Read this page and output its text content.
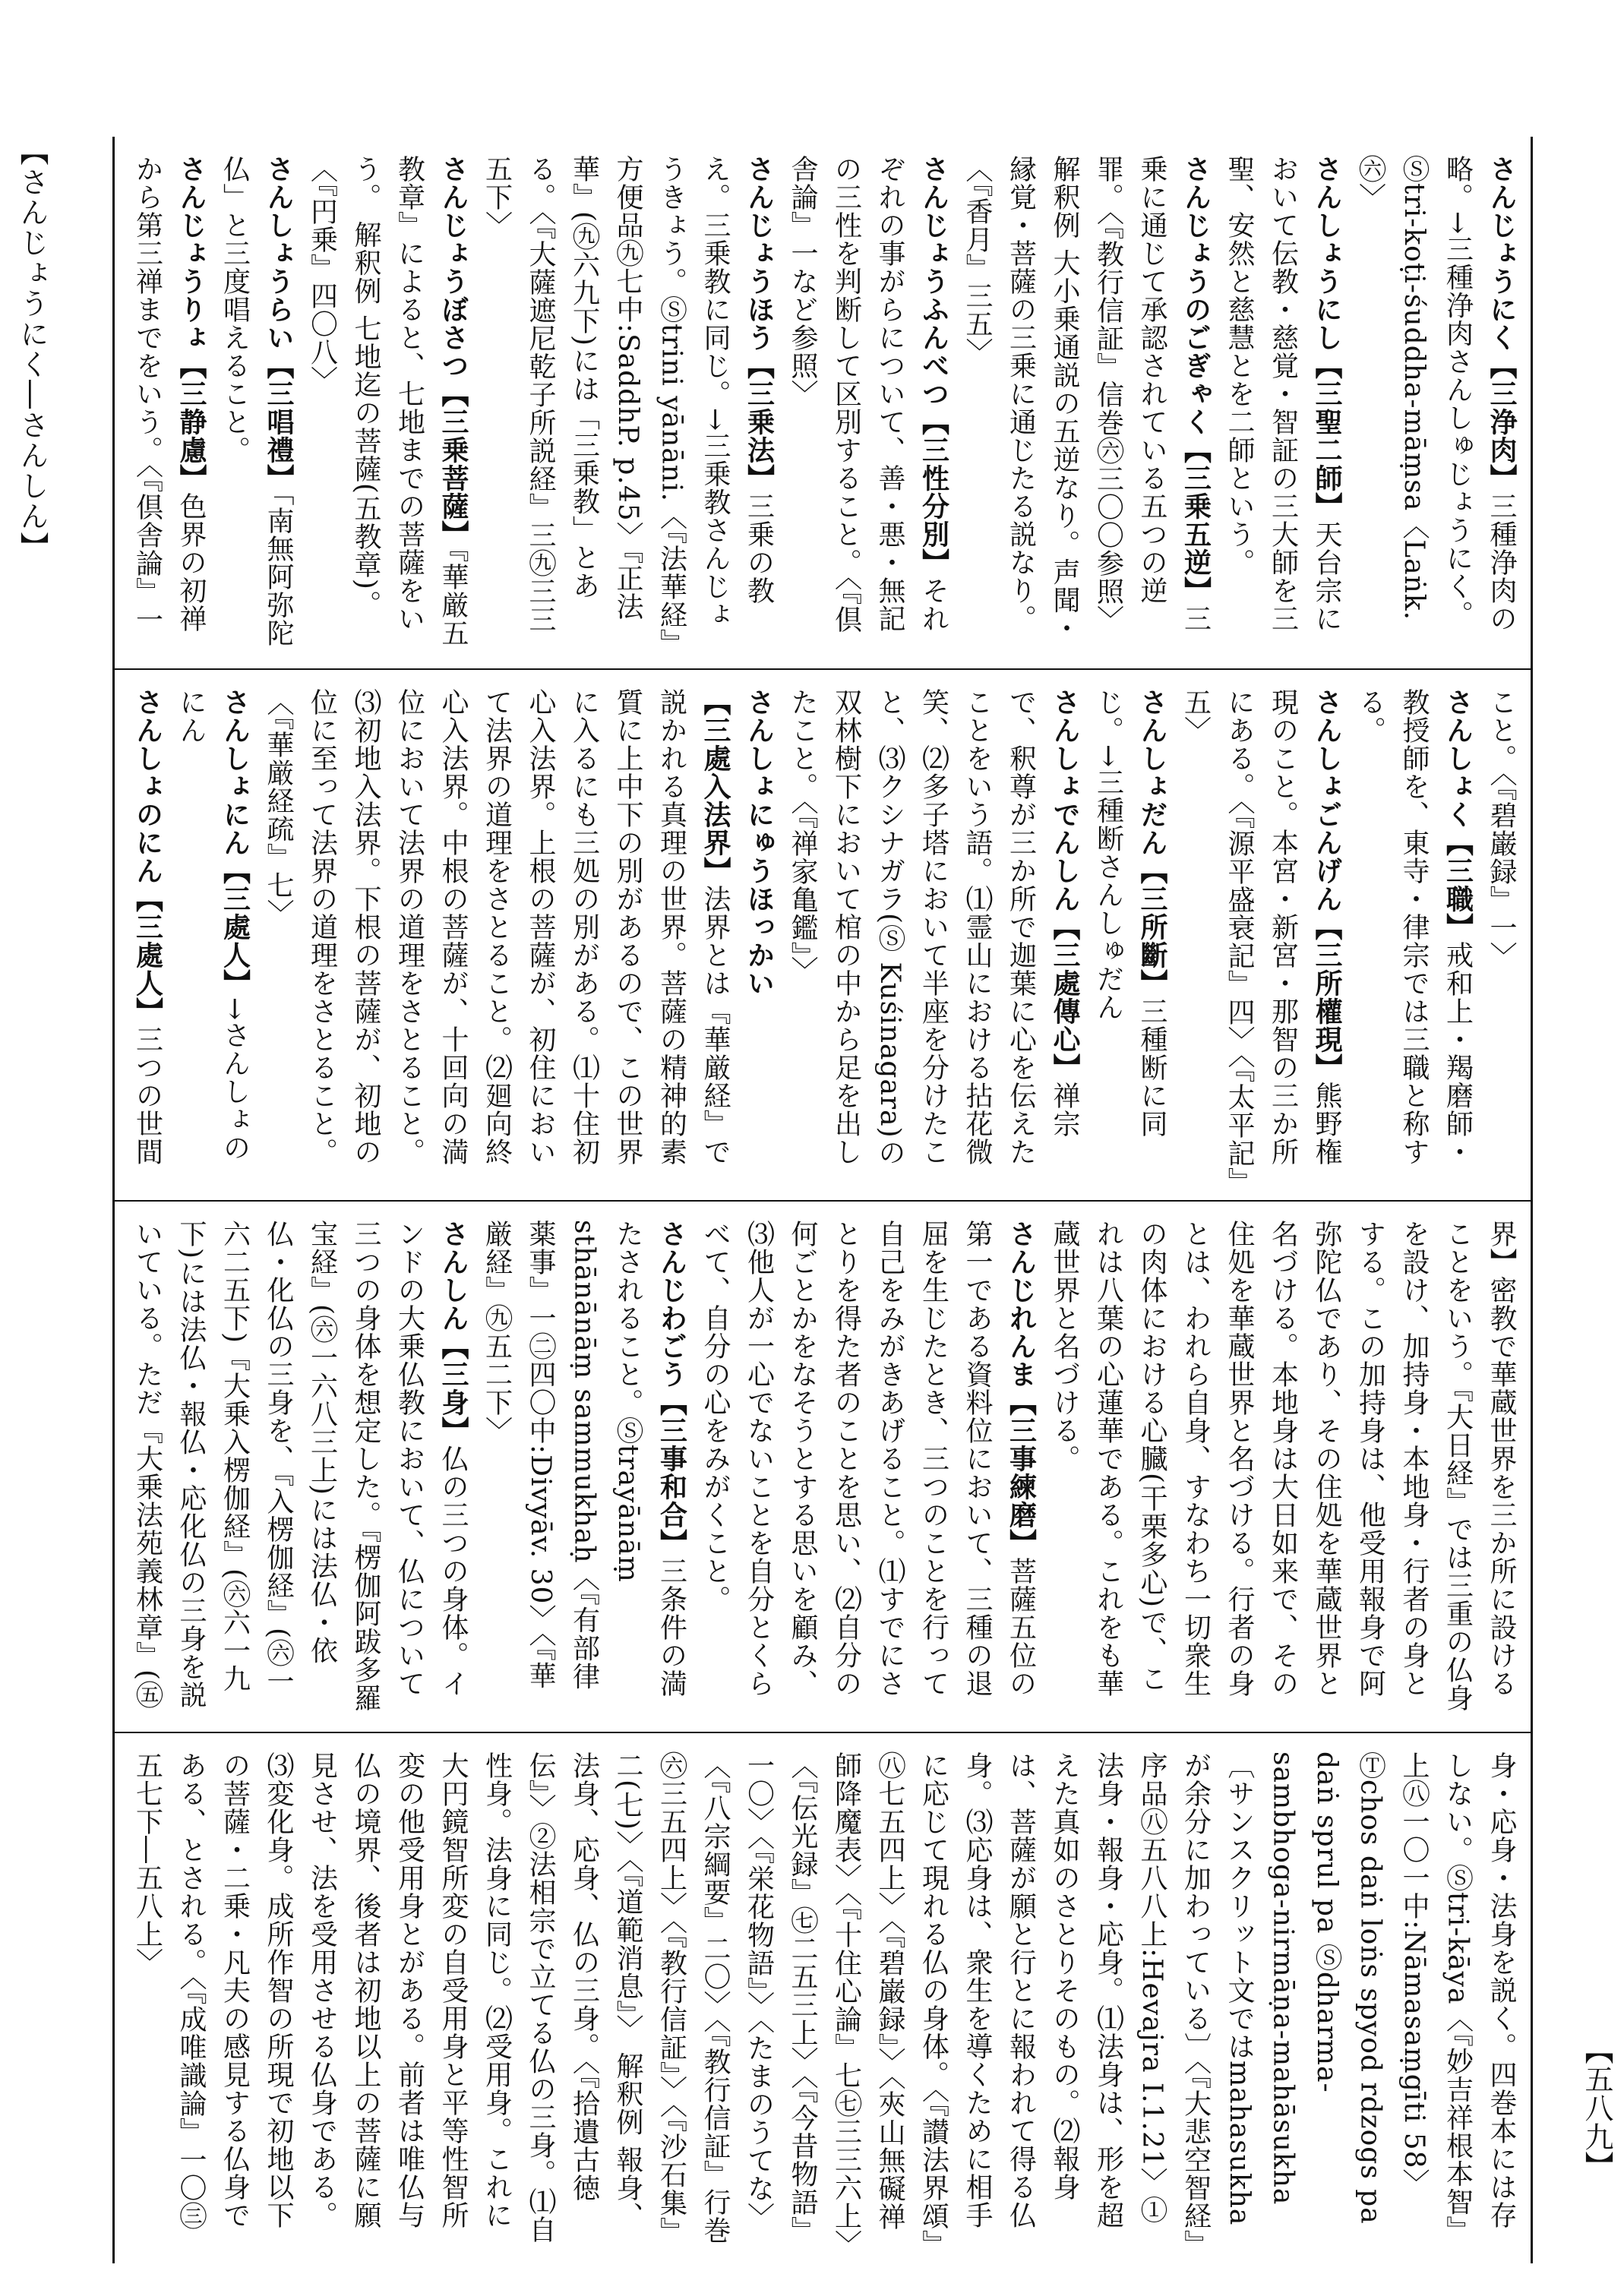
【さんじょうにく―さんしん】
【五八九】
さんじょうにく【三浄肉】三種浄肉の略。→三種浄肉さんしゅじょうにく。Ⓢtri-koṭi-śuddha-māṃsa〈Laṅk.㊅〉
さんしょうにし【三聖二師】天台宗において伝教・慈覚・智証の三大師を三聖、安然と慈慧とを二師という。
さんじょうのごぎゃく【三乗五逆】三乗に通じて承認されている五つの逆罪。〈『教行信証』信巻㊅三〇〇参照〉 解釈例 大小乗通説の五逆なり。声聞・縁覚・菩薩の三乗に通じたる説なり。〈『香月』三五〉
さんじょうふんべつ【三性分別】それぞれの事がらについて、善・悪・無記の三性を判断して区別すること。〈『倶舎論』一など参照〉
さんじょうほう【三乗法】三乗の教え。三乗教に同じ。→三乗教さんじょうきょう。Ⓢtrini yānāni.〈『法華経』方便品㊈七中:SaddhP. p.45〉『正法華』(㊈六九下)には「三乗教」とある。〈『大薩遮尼乾子所説経』三㊈三三五下〉
さんじょうぼさつ【三乗菩薩】『華厳五教章』によると、七地までの菩薩をいう。 解釈例 七地迄の菩薩(五教章)。〈『円乗』四〇八〉
さんしょうらい【三唱禮】「南無阿弥陀仏」と三度唱えること。
さんじょうりょ【三静慮】色界の初禅から第三禅までをいう。〈『倶舎論』一
こと。〈『碧巌録』一〉
さんしょく【三職】戒和上・羯磨師・教授師を、東寺・律宗では三職と称する。
さんしょごんげん【三所權現】熊野権現のこと。本宮・新宮・那智の三か所にある。〈『源平盛衰記』四〉〈『太平記』五〉
さんしょだん【三所斷】三種断に同じ。→三種断さんしゅだん
さんしょでんしん【三處傳心】禅宗で、釈尊が三か所で迦葉に心を伝えたことをいう語。⑴霊山における拈花微笑、⑵多子塔において半座を分けたこと、⑶クシナガラ(Ⓢ Kuśinagara)の双林樹下において棺の中から足を出したこと。〈『禅家亀鑑』〉
さんしょにゅうほっかい【三處入法界】法界とは『華厳経』で説かれる真理の世界。菩薩の精神的素質に上中下の別があるので、この世界に入るにも三処の別がある。⑴十住初心入法界。上根の菩薩が、初住において法界の道理をさとること。⑵廻向終心入法界。中根の菩薩が、十回向の満位において法界の道理をさとること。⑶初地入法界。下根の菩薩が、初地の位に至って法界の道理をさとること。〈『華厳経疏』七〉
さんしょにん【三處人】→さんしょのにん
さんしょのにん【三處人】三つの世間
界】密教で華蔵世界を三か所に設けることをいう。『大日経』では三重の仏身を設け、加持身・本地身・行者の身とする。この加持身は、他受用報身で阿弥陀仏であり、その住処を華蔵世界と名づける。本地身は大日如来で、その住処を華蔵世界と名づける。行者の身とは、われら自身、すなわち一切衆生の肉体における心臓(干栗多心)で、これは八葉の心蓮華である。これをも華蔵世界と名づける。
さんじれんま【三事練磨】菩薩五位の第一である資料位において、三種の退屈を生じたとき、三つのことを行って自己をみがきあげること。⑴すでにさとりを得た者のことを思い、⑵自分の何ごとかをなそうとする思いを顧み、⑶他人が一心でないことを自分とくらべて、自分の心をみがくこと。
さんじわごう【三事和合】三条件の満たされること。Ⓢtrayānāṃ sthānānāṃ sammukhaḥ〈『有部律薬事』一㊁四〇中:Divyāv. 30〉〈『華厳経』㊈五二下〉
さんしん【三身】仏の三つの身体。インドの大乗仏教において、仏について三つの身体を想定した。『楞伽阿跋多羅宝経』(㊅一六八三上)には法仏・依仏・化仏の三身を、『入楞伽経』(㊅一六二五下)『大乗入楞伽経』(㊅六一九下)には法仏・報仏・応化仏の三身を説いている。ただ『大乗法苑義林章』(㊄
身・応身・法身を説く。四巻本には存しない。Ⓢtri-kāya〈『妙吉祥根本智』上㊇一〇一中:Nāmasaṃgīti 58〉Ⓣchos daṅ loṅs spyod rdzogs pa daṅ sprul pa Ⓢdharma-sambhoga-nirmāṇa-mahāsukha〔サンスクリット文ではmahasukhaが余分に加わっている〕〈『大悲空智経』序品㊇五八八上:Hevajra I.1.21〉①法身・報身・応身。⑴法身は、形を超えた真如のさとりそのもの。⑵報身は、菩薩が願と行とに報われて得る仏身。⑶応身は、衆生を導くために相手に応じて現れる仏の身体。〈『讃法界頌』㊇七五四上〉〈『碧巌録』〉〈夾山無礙禅師降魔表〉〈『十住心論』七㊆三三六上〉〈『伝光録』㊆二五三上〉〈『今昔物語』一〇〉〈『栄花物語』〉〈たまのうてな〉〈『八宗綱要』二〇〉〈『教行信証』行巻㊅三五四上〉〈『教行信証』〉〈『沙石集』二(七)〉〈『道範消息』〉 解釈例 報身、法身、応身、仏の三身。〈『拾遺古徳伝』〉②法相宗で立てる仏の三身。⑴自性身。法身に同じ。⑵受用身。これに大円鏡智所変の自受用身と平等性智所変の他受用身とがある。前者は唯仏与仏の境界、後者は初地以上の菩薩に願見させ、法を受用させる仏身である。⑶変化身。成所作智の所現で初地以下の菩薩・二乗・凡夫の感見する仏身である、とされる。〈『成唯識論』一〇㊂五七下―五八上〉
